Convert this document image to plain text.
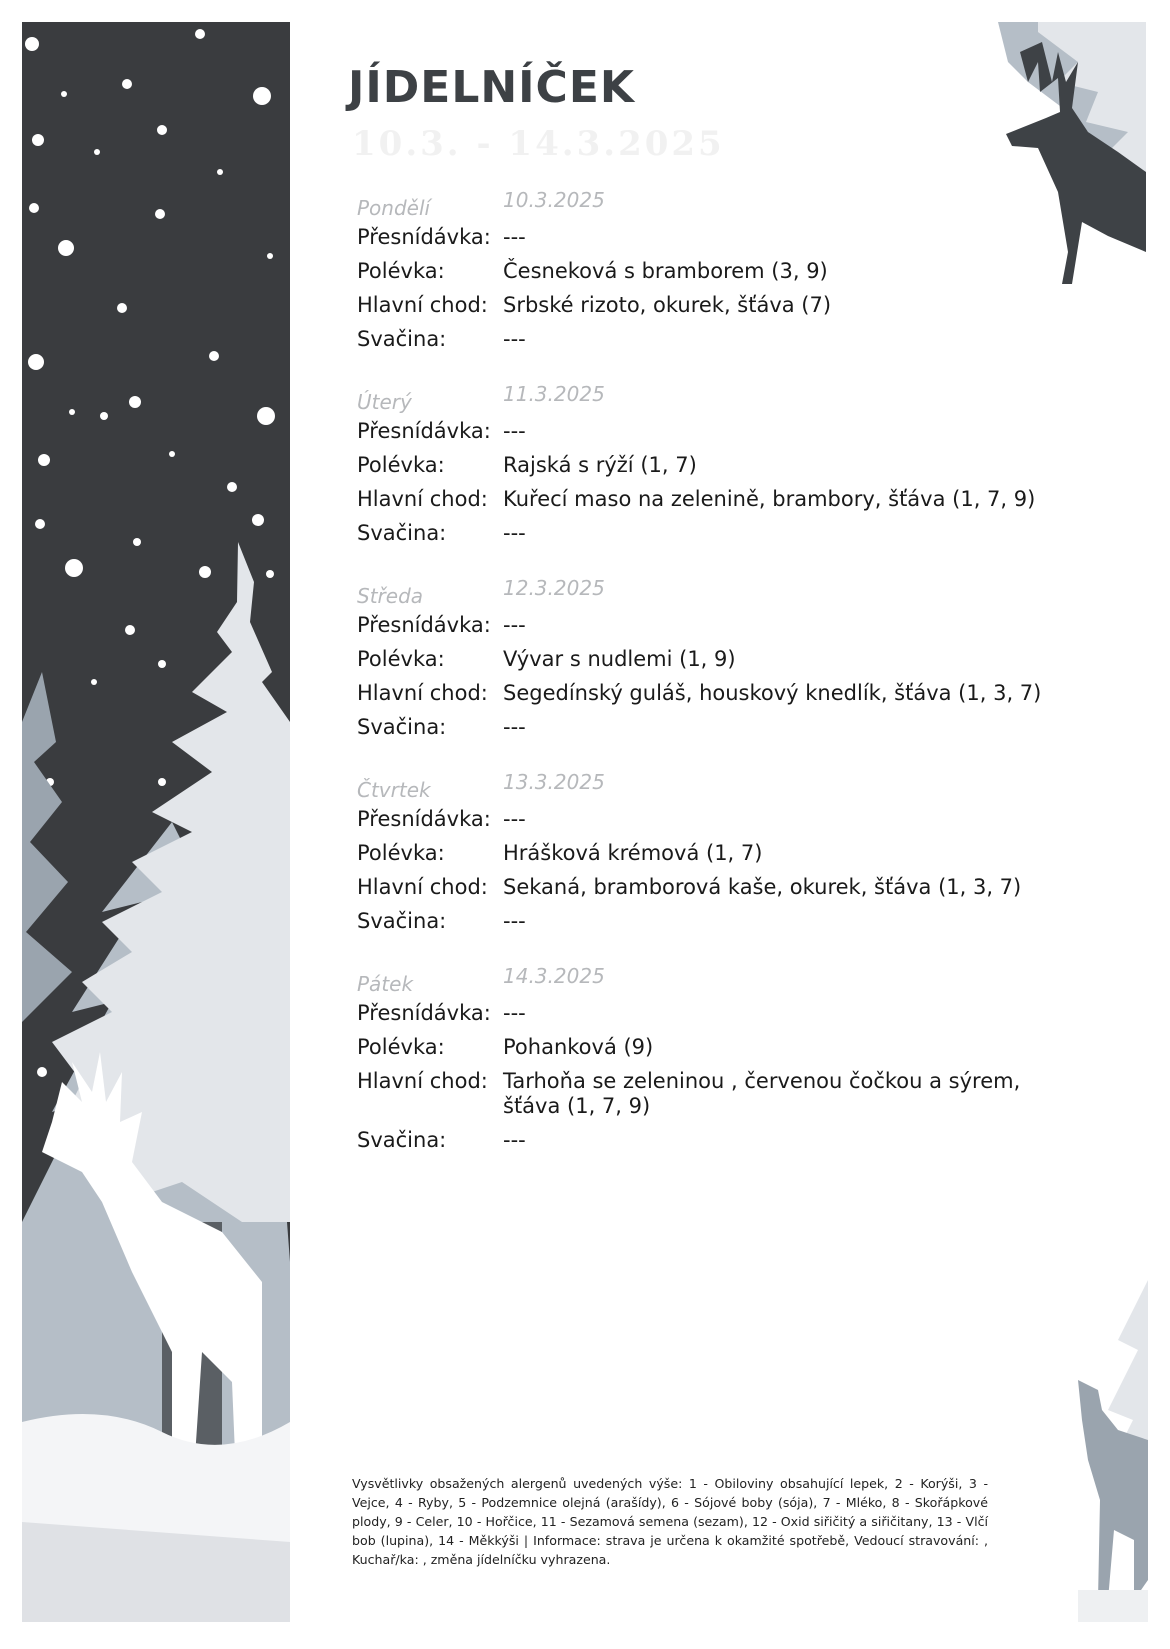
JÍDELNÍČEK
10.3. - 14.3.2025
Pondělí	10.3.2025
Přesnídávka: ---
Polévka:	Česneková s bramborem (3, 9)
Hlavní chod: Srbské rizoto, okurek, šťáva (7)
Svačina:	---
Úterý	11.3.2025
Přesnídávka: ---
Polévka:	Rajská s rýží (1, 7)
Hlavní chod: Kuřecí maso na zelenině, brambory, šťáva (1, 7, 9)
Svačina:	---
Středa	12.3.2025
Přesnídávka: ---
Polévka:	Vývar s nudlemi (1, 9)
Hlavní chod: Segedínský guláš, houskový knedlík, šťáva (1, 3, 7)
Svačina:	---
Čtvrtek	13.3.2025
Přesnídávka: ---
Polévka:	Hrášková krémová (1, 7)
Hlavní chod: Sekaná, bramborová kaše, okurek, šťáva (1, 3, 7)
Svačina:	---
Pátek	14.3.2025
Přesnídávka: ---
Polévka:	Pohanková (9)
Hlavní chod: Tarhoňa se zeleninou , červenou čočkou a sýrem, šťáva (1, 7, 9)
Svačina:	---
Vysvětlivky obsažených alergenů uvedených výše: 1 - Obiloviny obsahující lepek, 2 - Korýši, 3 - Vejce, 4 - Ryby, 5 - Podzemnice olejná (arašídy), 6 - Sójové boby (sója), 7 - Mléko, 8 - Skořápkové plody, 9 - Celer, 10 - Hořčice, 11 - Sezamová semena (sezam), 12 - Oxid siřičitý a siřičitany, 13 - Vlčí bob (lupina), 14 - Měkkýši | Informace: strava je určena k okamžité spotřebě, Vedoucí stravování: , Kuchař/ka: , změna jídelníčku vyhrazena.
